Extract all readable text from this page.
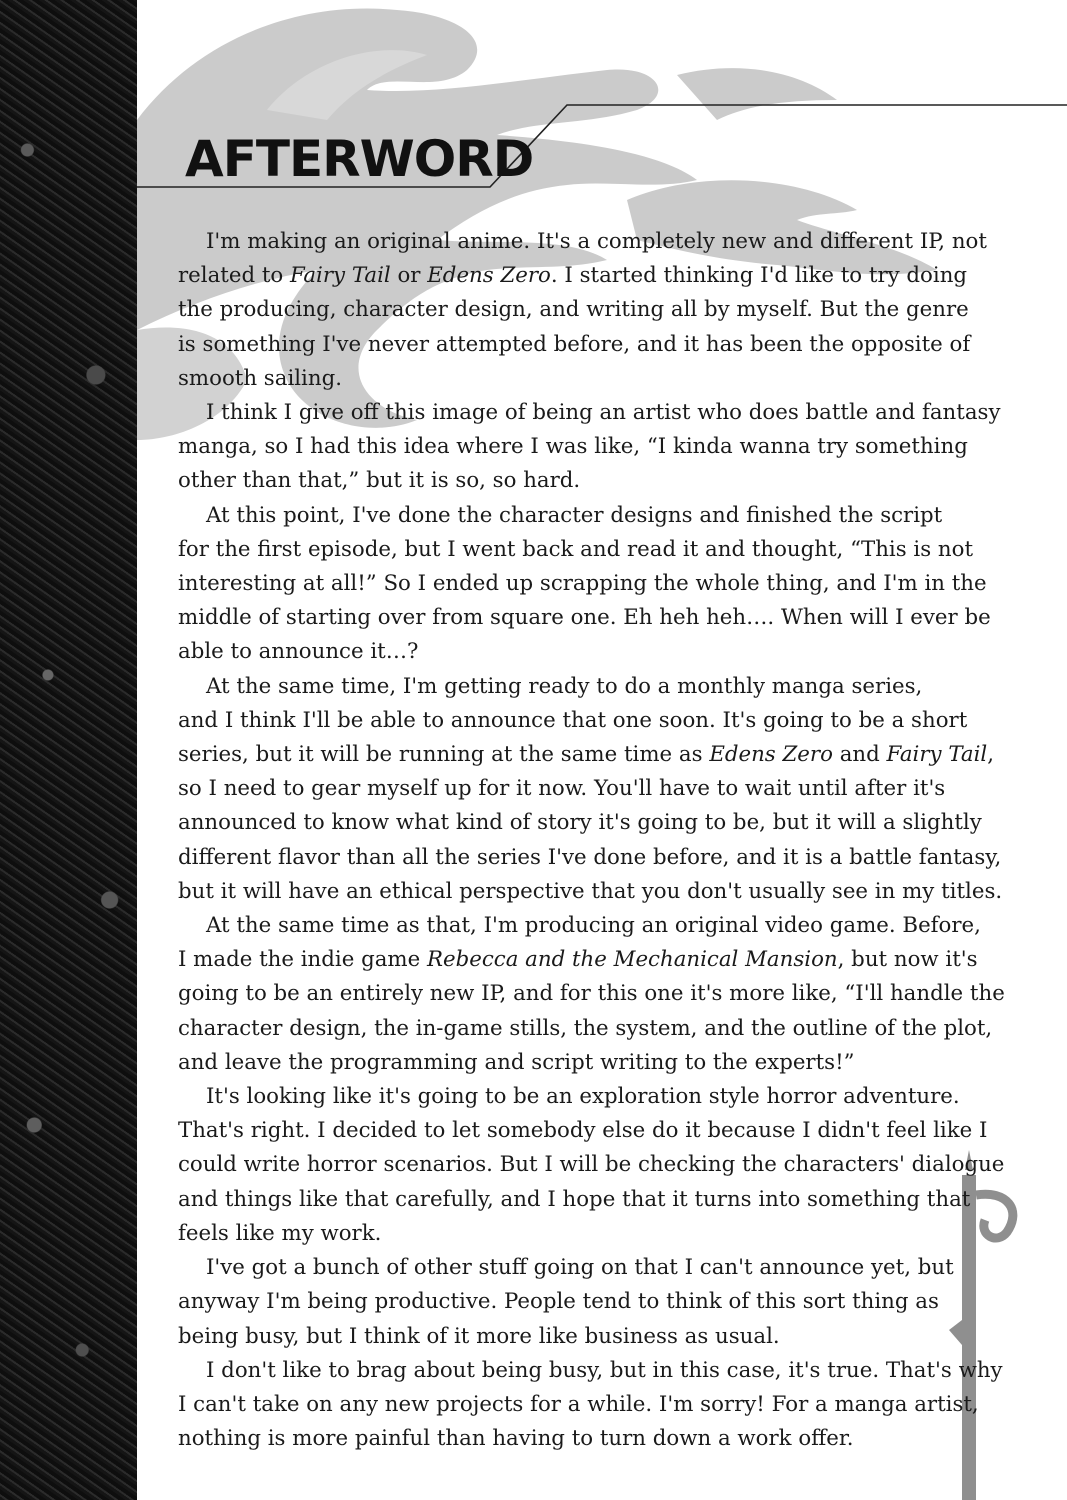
AFTERWORD

I'm making an original anime. It's a completely new and different IP, not
related to Fairy Tail or Edens Zero. I started thinking I'd like to try doing
the producing, character design, and writing all by myself. But the genre
is something I've never attempted before, and it has been the opposite of
smooth sailing.

I think I give off this image of being an artist who does battle and fantasy
manga, so I had this idea where I was like, “I kinda wanna try something
other than that,” but it is so, so hard.

At this point, I've done the character designs and finished the script
for the first episode, but I went back and read it and thought, “This is not
interesting at all!” So I ended up scrapping the whole thing, and I'm in the
middle of starting over from square one. Eh heh heh…. When will I ever be
able to announce it…?

At the same time, I'm getting ready to do a monthly manga series,
and I think I'll be able to announce that one soon. It's going to be a short
series, but it will be running at the same time as Edens Zero and Fairy Tail,
so I need to gear myself up for it now. You'll have to wait until after it's
announced to know what kind of story it's going to be, but it will a slightly
different flavor than all the series I've done before, and it is a battle fantasy,
but it will have an ethical perspective that you don't usually see in my titles.

At the same time as that, I'm producing an original video game. Before,
I made the indie game Rebecca and the Mechanical Mansion, but now it's
going to be an entirely new IP, and for this one it's more like, “I'll handle the
character design, the in-game stills, the system, and the outline of the plot,
and leave the programming and script writing to the experts!”

It's looking like it's going to be an exploration style horror adventure.
That's right. I decided to let somebody else do it because I didn't feel like I
could write horror scenarios. But I will be checking the characters' dialogue
and things like that carefully, and I hope that it turns into something that
feels like my work.

I've got a bunch of other stuff going on that I can't announce yet, but
anyway I'm being productive. People tend to think of this sort thing as
being busy, but I think of it more like business as usual.

I don't like to brag about being busy, but in this case, it's true. That's why
I can't take on any new projects for a while. I'm sorry! For a manga artist,
nothing is more painful than having to turn down a work offer.
